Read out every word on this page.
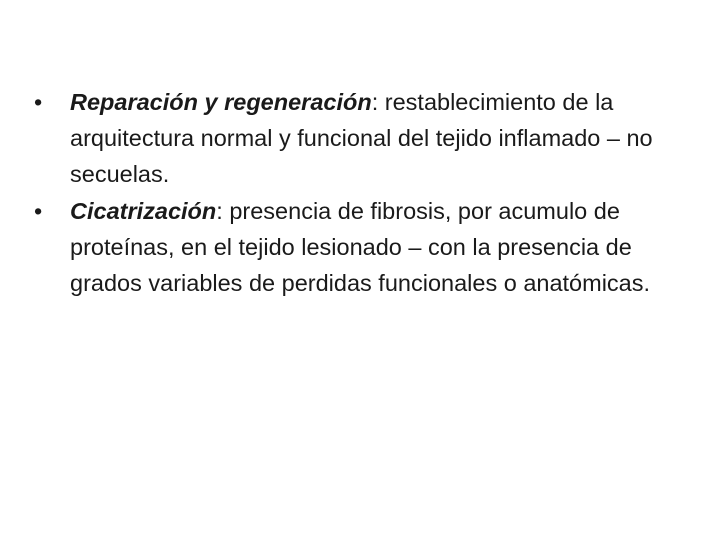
•	Reparación y regeneración: restablecimiento de la arquitectura normal y funcional del tejido inflamado – no secuelas.
•	Cicatrización: presencia de fibrosis, por acumulo de proteínas, en el tejido lesionado – con la presencia de grados variables de perdidas funcionales o anatómicas.
